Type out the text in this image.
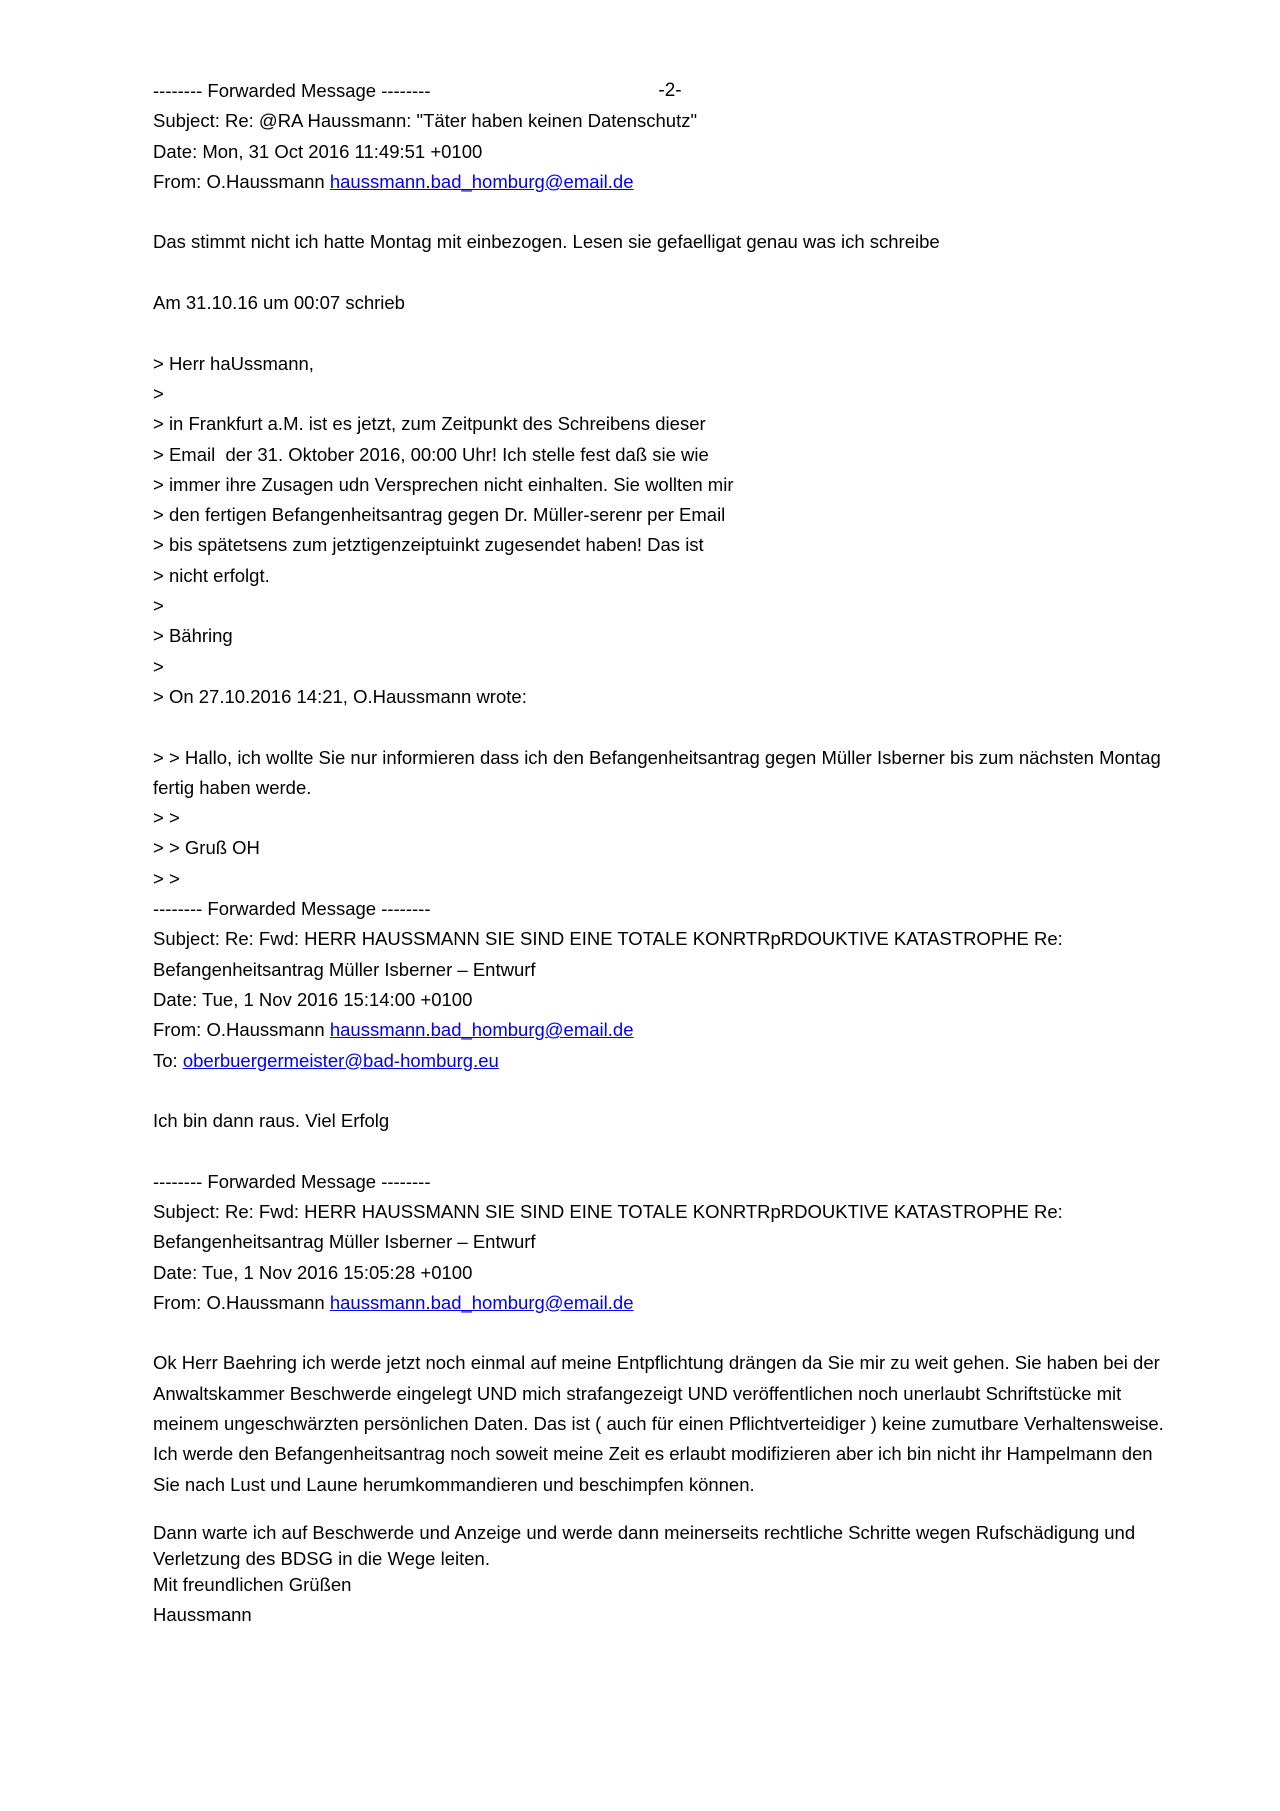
-2-
-------- Forwarded Message --------
Subject: Re: @RA Haussmann: "Täter haben keinen Datenschutz"
Date: Mon, 31 Oct 2016 11:49:51 +0100
From: O.Haussmann haussmann.bad_homburg@email.de
Das stimmt nicht ich hatte Montag mit einbezogen. Lesen sie gefaelligat genau was ich schreibe
Am 31.10.16 um 00:07 schrieb
> Herr haUssmann,
>
> in Frankfurt a.M. ist es jetzt, zum Zeitpunkt des Schreibens dieser
> Email  der 31. Oktober 2016, 00:00 Uhr! Ich stelle fest daß sie wie
> immer ihre Zusagen udn Versprechen nicht einhalten. Sie wollten mir
> den fertigen Befangenheitsantrag gegen Dr. Müller-serenr per Email
> bis spätetsens zum jetztigenzeiptuinkt zugesendet haben! Das ist
> nicht erfolgt.
>
> Bähring
>
> On 27.10.2016 14:21, O.Haussmann wrote:
> > Hallo, ich wollte Sie nur informieren dass ich den Befangenheitsantrag gegen Müller Isberner bis zum nächsten Montag fertig haben werde.
> >
> > Gruß OH
> >
-------- Forwarded Message --------
Subject: Re: Fwd: HERR HAUSSMANN SIE SIND EINE TOTALE KONRTRpRDOUKTIVE KATASTROPHE Re: Befangenheitsantrag Müller Isberner – Entwurf
Date: Tue, 1 Nov 2016 15:14:00 +0100
From: O.Haussmann haussmann.bad_homburg@email.de
To: oberbuergermeister@bad-homburg.eu
Ich bin dann raus. Viel Erfolg
-------- Forwarded Message --------
Subject: Re: Fwd: HERR HAUSSMANN SIE SIND EINE TOTALE KONRTRpRDOUKTIVE KATASTROPHE Re: Befangenheitsantrag Müller Isberner – Entwurf
Date: Tue, 1 Nov 2016 15:05:28 +0100
From: O.Haussmann haussmann.bad_homburg@email.de
Ok Herr Baehring ich werde jetzt noch einmal auf meine Entpflichtung drängen da Sie mir zu weit gehen. Sie haben bei der Anwaltskammer Beschwerde eingelegt UND mich strafangezeigt UND veröffentlichen noch unerlaubt Schriftstücke mit meinem ungeschwärzten persönlichen Daten. Das ist ( auch für einen Pflichtverteidiger ) keine zumutbare Verhaltensweise. Ich werde den Befangenheitsantrag noch soweit meine Zeit es erlaubt modifizieren aber ich bin nicht ihr Hampelmann den Sie nach Lust und Laune herumkommandieren und beschimpfen können.
Dann warte ich auf Beschwerde und Anzeige und werde dann meinerseits rechtliche Schritte wegen Rufschädigung und Verletzung des BDSG in die Wege leiten.
Mit freundlichen Grüßen
Haussmann
